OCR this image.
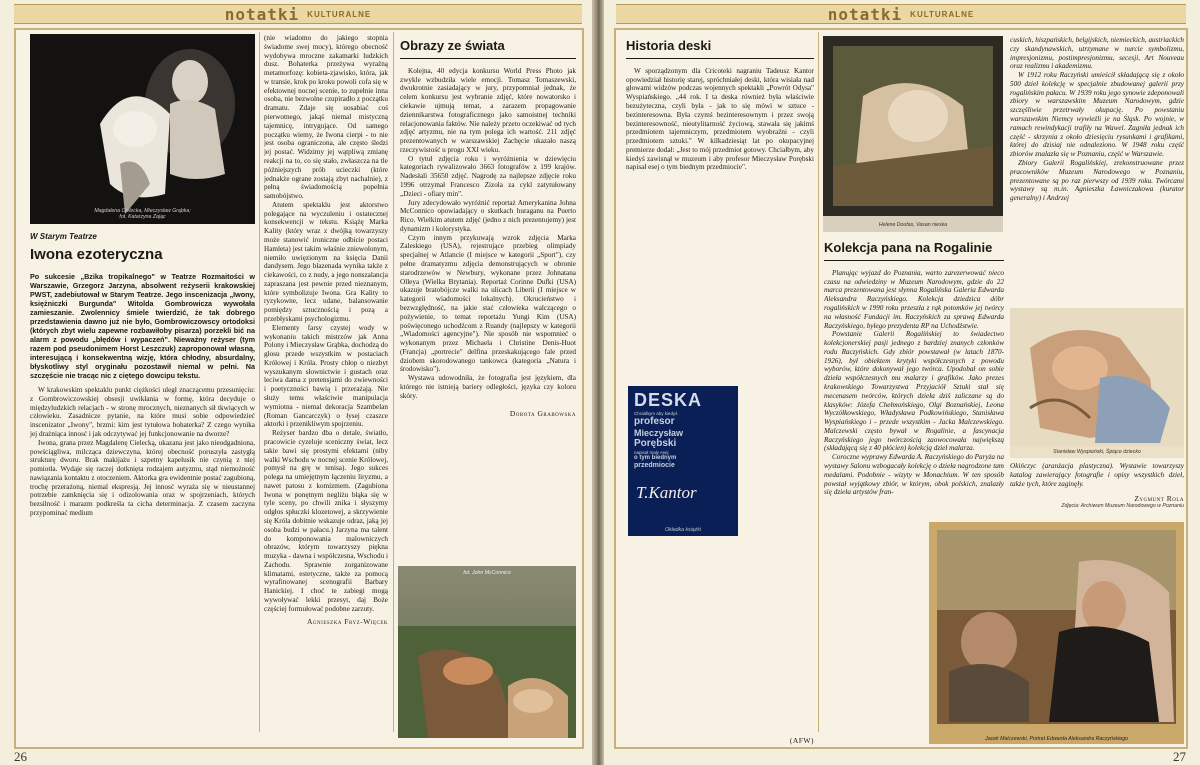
notatki KULTURALNE
Magdalena Cielecka, Mieczysław Grąbka;
fot. Katarzyna Zając
W Starym Teatrze
Iwona ezoteryczna

Po sukcesie „Bzika tropikalnego" w Teatrze Rozmaitości w Warszawie, Grzegorz Jarzyna, absolwent reżyserii krakowskiej PWST, zadebiutował w Starym Teatrze. Jego inscenizacja „Iwony, księżniczki Burgunda" Witolda Gombrowicza wywołała zamieszanie. Zwolennicy śmiele twierdzić, że tak dobrego przedstawienia dawno już nie było, Gombrowiczowscy ortodoksi (których zbyt wielu zapewne rozbawiłoby pisarza) porzekli bić na alarm z powodu „błędów i wypaczeń". Nieważny reżyser (tym razem pod pseudonimem Horst Leszczuk) zaproponował własną, interesującą i konsekwentną wizję, która chłodny, absurdalny, błyskotliwy styl oryginału pozostawił niemal w pełni. Na szczęście nie tracąc nic z ciętego dowcipu tekstu.

W krakowskim spektaklu punkt ciężkości uległ znaczącemu przesunięciu: z Gombrowiczowskiej obsesji uwikłania w formę, która decyduje o międzyludzkich relacjach - w stronę mrocznych, nieznanych sił tkwiących w człowieku. Zasadnicze pytanie, na które musi sobie odpowiedzieć inscenizator „Iwony", brzmi: kim jest tytułowa bohaterka? Z czego wynika jej drażniąca innosć i jak odczytywać jej funkcjonowanie na dworze?

Iwona, grana przez Magdalenę Cielecką, ukazana jest jako nieodgadniona, powściągliwa, milcząca dziewczyna, której obecność poruszyła zastygłą strukturę dworu. Brak makijażu i szpetny kapelusik nie czynią z niej pomiotła. Wydaje się raczej dotknięta rodzajem autyzmu, stąd niemożność nawiązania kontaktu z otoczeniem. Aktorka gra ewidentnie postać zagubioną, trochę przerażoną, niemal ekspresją. Jej innosć wyraża się w nieustannej potrzebie zamknięcia się i odizolowania oraz w spojrzeniach, których bezsilność i marazm podkreśla ta cicha determinacja. Z czasem zaczyna przypominać medium

(nie wiadomo do jakiego stopnia świadome swej mocy), którego obecność wydobywa mroczne zakamarki ludzkich dusz. Bohaterka przeżywa wyraźną metamorfozę: kobieta-zjawisko, która, jak w transie, krok po kroku powoli cofa się w efektownej nocnej scenie, to zupełnie inna osoba, nie bezwolne czupiradło z początku dramatu. Zdaje się uosabiać coś pierwotnego, jakąś niemal mistyczną tajemnicę, intrygujące. Od samego początku wiemy, że Iwona cierpi - to nie jest osoba ograniczona, ale często śledzi jej postać. Widzimy jej wątpliwą zmianę reakcji na to, co się stało, zwłaszcza na tle późniejszych prób ucieczki (które jednakże ograne zostają zbyt nachalnie), z pełną świadomością popełnia samobójstwo.

Atutem spektaklu jest aktorstwo polegające na wyczuleniu i ostatecznej konsekwencji w tekstu. Książę Marka Kality (który wraz z dwójką towarzyszy może stanowić ironiczne odbicie postaci Hamleta) jest takim właśnie zniewolonym, niemiło uwięzionym na księcia Danii dandysem. Jego błazenada wynika także z ciekawości, co z nudy, a jego nonszalancja zapraszana jest pewnie przed nieznanym, które symbolizuje Iwona. Gra Kality to ryzykowne, lecz udane, balansowanie pomiędzy sztucznością i pozą a przebłyskami psychologizmu.

Elementy farsy czystej wody w wykonaniu takich mistrzów jak Anna Polony i Mieczysław Grąbka, dochodzą do głosu przede wszystkim w postaciach Królowej i Króla. Prosty chłop o niezbyt wyszukanym słownictwie i gustach oraz leciwa dama z pretensjami do zwiewności i poetyczności bawią i przerażają. Nie służy temu właściwie manipulacja wymiotna - niemal dekoracja Szambelan (Roman Gancarczyk) o łysej czaszce aktorki i przenikliwym spojrzeniu.

Reżyser bardzo dba o detale, światło, pracowicie cyzeluje sceniczny świat, lecz takie bawi się prostymi efektami (niby walki Wschodu w nocnej scenie Królowej, pomysł na grę w tenisa). Jego sukces polega na umiejętnym łączeniu liryzmu, a nawet patosu z komizmem. (Zagubiona Iwona w ponętnym negliżu błąka się w tyle sceny, po chwili znika i słyszymy odgłos spłuczki klozetowej, a skrzywienie się Króla dobitnie wskazuje odraz, jaką jej osoba budzi w pałacu.) Jarzyna ma talent do komponowania malowniczych obrazów, którym towarzyszy piękna muzyka - dawna i współczesna, Wschodu i Zachodu. Sprawnie zorganizowane klimatami, estetyczne, także za pomocą wyrafinowanej scenografii Barbary Hanickiej. I choć te zabiegi mogą wywoływać lekki przesyt, daj Boże częściej formułować podobne zarzuty.

Agnieszka Fryz-Więcek
Obrazy ze świata

Kolejna, 40 edycja konkursu World Press Photo jak zwykle wzbudziła wiele emocji. Tomasz Tomaszewski, dwukrotnie zasiadający w jury, przypomniał jednak, że celem konkursu jest wybranie zdjęć, które nowatorsko i ciekawie ujmują temat, a zarazem propagowanie dziennikarstwa fotograficznego jako samoistnej techniki relacjonowania faktów. Nie należy przeto oczekiwać od tych zdjęć artyzmu, nie na tym polega ich wartość. 211 zdjęć prezentowanych w warszawskiej Zachęcie ukazało naszą rzeczywistość u progu XXI wieku.

O tytuł zdjęcia roku i wyróżnienia w dziewięciu kategoriach rywalizowało 3663 fotografów z 199 krajów. Nadesłali 35650 zdjęć. Nagrodę za najlepsze zdjęcie roku 1996 otrzymał Francesco Zizola za cykl zatytułowany „Dzieci - ofiary min".

Jury zdecydowało wyróżnić reportaż Amerykanina Johna McConnico opowiadający o skutkach huraganu na Puerto Rico. Wielkim atutem zdjęć (jedno z nich prezentujemy) jest dynamizm i kolorystyka.

Czym innym przykuwają wzrok zdjęcia Marka Zaleskiego (USA), rejestrujące przebieg olimpiady specjalnej w Atlancie (I miejsce w kategorii „Sport"), czy pełne dramatyzmu zdjęcia demonstrujących w obronie starodrzewów w Newbury, wykonane przez Johnatana Olleya (Wielka Brytania). Reportaż Corinne Dufki (USA) ukazuje bratobójcze walki na ulicach Liberii (I miejsce w kategorii wiadomości lokalnych). Okrucieństwo i bezwzględność, na jakie stać człowieka walczącego o pożywienie, to temat reportażu Yungi Kim (USA) poświęconego uchodźcom z Ruandy (najlepszy w kategorii „Wiadomości agencyjne"). Nie sposób nie wspomnieć o wykonanym przez Michaela i Christine Denis-Huot (Francja) „portrecie" delfina przeskakującego fale przed dziobem skorodowanego tankowca (kategoria „Natura i środowisko").

Wystawa udowodniła, że fotografia jest językiem, dla którego nie istnieją bariery odległości, języka czy koloru skóry.

Dorota Grabowska
fot. John McConnico
26
notatki KULTURALNE
Historia deski

W sporządzonym dla Cricoteki nagraniu Tadeusz Kantor opowiedział historię starej, spróchniałej deski, która wisiała nad głowami widzów podczas wojennych spektakli „Powrót Odysa" Wyspiańskiego. „44 rok. I ta deska również była właściwie bezużyteczna, czyli była - jak to się mówi w sztuce - bezinteresowna. Była czymś bezinteresownym i przez swoją bezinteresowność, nieutylitarność życiową, stawała się jakimś przedmiotem tajemniczym, przedmiotem wyobraźni - czyli przedmiotem sztuki." W kilkadziesiąt lat po okupacyjnej premierze dodał: „Jest to mój przedmiot gotowy. Chciałbym, aby kiedyś zawisnął w muzeum i aby profesor Mieczysław Porębski napisał esej o tym biednym przedmiocie".

DESKA
Chciałbym aby kiedyś
profesor
Mieczysław
Porębski
napisał mały esej
o tym biednym
przedmiocie
T.Kantor
Okładka książki

(AFW)
Helene Doufas, Vasan nieska
Kolekcja pana na Rogalinie

Planując wyjazd do Poznania, warto zarezerwować nieco czasu na odwiedziny w Muzeum Narodowym, gdzie do 22 marca prezentowana jest słynna Rogalińska Galeria Edwarda Aleksandra Raczyńskiego. Kolekcja dziedzica dóbr rogalińskich w 1990 roku przeszła z rąk potomków jej twórcy na własność Fundacji im. Raczyńskich za sprawą Edwarda Raczyńskiego, byłego prezydenta RP na Uchodźstwie.

Powstanie Galerii Rogalińskiej to świadectwo kolekcjonerskiej pasji jednego z bardziej znanych członków rodu Raczyńskich. Gdy zbiór powstawał (w latach 1870-1926), był obiektem krytyki współczesnych z powodu wyborów, które dokonywał jego twórca. Upodobał on sobie dzieła współczesnych mu malarzy i grafików. Jako prezes krakowskiego Towarzystwa Przyjaciół Sztuki stał się mecenasem twórców, których dzieła dziś zaliczane są do klasyków: Józefa Chełmońskiego, Olgi Boznańskiej, Leona Wyczółkowskiego, Władysława Podkowińskiego, Stanisława Wyspiańskiego i - przede wszystkim - Jacka Malczewskiego. Malczewski często bywał w Rogalinie, a fascynacja Raczyńskiego jego twórczością zaowocowała największą (składającą się z 40 płócien) kolekcją dzieł malarza.

Coroczne wyprawy Edwarda A. Raczyńskiego do Paryża na wystawy Salonu wzbogacały kolekcję o dzieła nagrodzone tam medalami. Podobnie - wizyty w Monachium. W ten sposób powstał wyjątkowy zbiór, w którym, obok polskich, znalazły się dzieła artystów fran-

cuskich, hiszpańskich, belgijskich, niemieckich, austriackich czy skandynawskich, utrzymane w nurcie symbolizmu, impresjonizmu, postimpresjonizmu, secesji, Art Nouveau oraz realizmu i akademizmu.

W 1912 roku Raczyński umieścił składającą się z około 500 dzieł kolekcję w specjalnie zbudowanej galerii przy rogalińskim pałacu. W 1939 roku jego synowie zdeponowali zbiory w warszawskim Muzeum Narodowym, gdzie szczęśliwie przetrwały okupację. Po powstaniu warszawskim Niemcy wywieźli je na Śląsk. Po wojnie, w ramach rewindykacji trafiły na Wawel. Zagniła jednak ich część - skrzynia z około dziesięciu rysunkami i grafikami, której do dzisiaj nie odnaleziono. W 1948 roku część zbiorów znalazła się w Poznaniu, część w Warszawie.

Zbiory Galerii Rogalińskiej, zrekonstruowane przez pracowników Muzeum Narodowego w Poznaniu, prezentowane są po raz pierwszy od 1939 roku. Twórcami wystawy są m.in. Agnieszka Ławniczakowa (kurator generalny) i Andrzej

Stanisław Wyspiański, Śpiące dziecko

Okińczyc (aranżacja plastyczna). Wystawie towarzyszy katalog zawierający fotografie i opisy wszystkich dzieł, także tych, które zaginęły.

Zygmunt Rola
Zdjęcia: Archiwum Muzeum Narodowego w Poznaniu
Jacek Malczewski, Portret Edwarda Aleksandra Raczyńskiego
27
